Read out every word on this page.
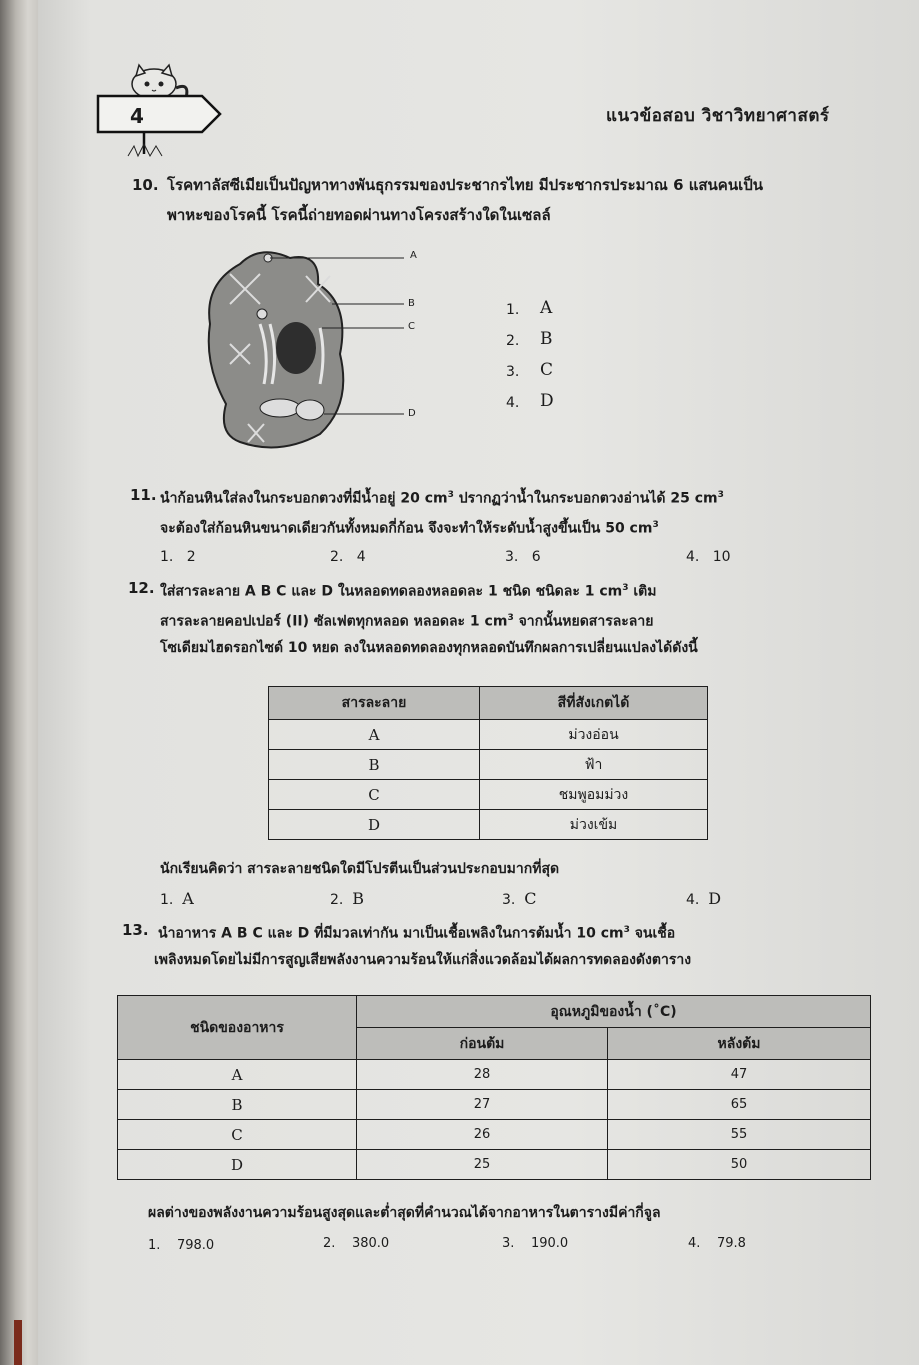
4	แนวข้อสอบ วิชาวิทยาศาสตร์
10. โรคทาลัสซีเมียเป็นปัญหาทางพันธุกรรมของประชากรไทย มีประชากรประมาณ 6 แสนคนเป็น
พาหะของโรคนี้ โรคนี้ถ่ายทอดผ่านทางโครงสร้างใดในเซลล์
A
B
C
D
1. A
2. B
3. C
4. D
11. นำก้อนหินใส่ลงในกระบอกตวงที่มีน้ำอยู่ 20 $cm^3$ ปรากฏว่าน้ำในกระบอกตวงอ่านได้ 25 $cm^3$
จะต้องใส่ก้อนหินขนาดเดียวกันทั้งหมดกี่ก้อน จึงจะทำให้ระดับน้ำสูงขึ้นเป็น 50 $cm^3$
1. 2	2. 4	3. 6	4. 10
12. ใส่สารละลาย A B C และ D ในหลอดทดลองหลอดละ 1 ชนิด ชนิดละ 1 $cm^3$ เติม
สารละลายคอปเปอร์ (II) ซัลเฟตทุกหลอด หลอดละ 1 $cm^3$ จากนั้นหยดสารละลาย
โซเดียมไฮดรอกไซด์ 10 หยด ลงในหลอดทดลองทุกหลอดบันทึกผลการเปลี่ยนแปลงได้ดังนี้
สารละลาย	สีที่สังเกตได้
A	ม่วงอ่อน
B	ฟ้า
C	ชมพูอมม่วง
D	ม่วงเข้ม
นักเรียนคิดว่า สารละลายชนิดใดมีโปรตีนเป็นส่วนประกอบมากที่สุด
1. A	2. B	3. C	4. D
13. นำอาหาร A B C และ D ที่มีมวลเท่ากัน มาเป็นเชื้อเพลิงในการต้มน้ำ 10 $cm^3$ จนเชื้อ
เพลิงหมดโดยไม่มีการสูญเสียพลังงานความร้อนให้แก่สิ่งแวดล้อมได้ผลการทดลองดังตาราง
ชนิดของอาหาร	อุณหภูมิของน้ำ (˚C)	
	ก่อนต้ม	หลังต้ม
A	28	47
B	27	65
C	26	55
D	25	50
ผลต่างของพลังงานความร้อนสูงสุดและต่ำสุดที่คำนวณได้จากอาหารในตารางมีค่ากี่จูล
1. 798.0	2. 380.0	3. 190.0	4. 79.8
